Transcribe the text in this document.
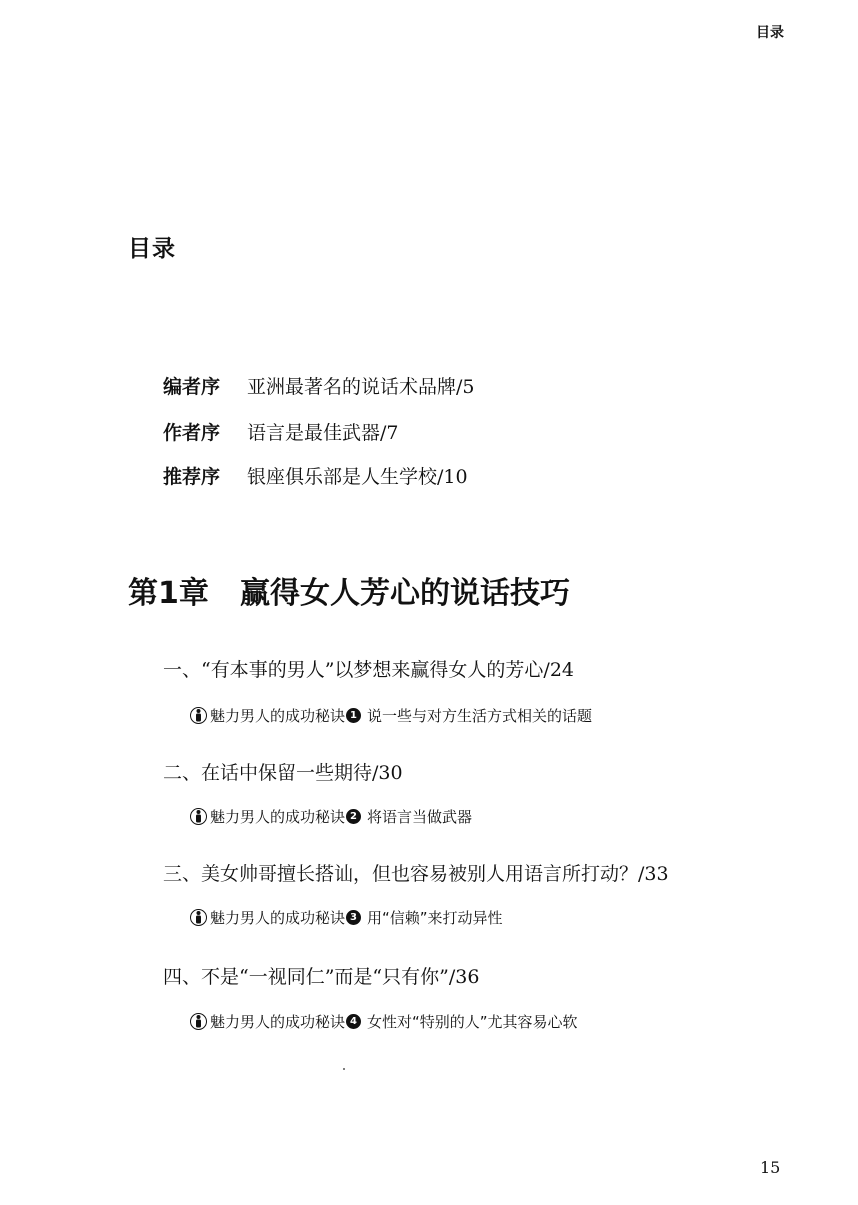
目录
目录
编者序 亚洲最著名的说话术品牌/5
作者序 语言是最佳武器/7
推荐序 银座俱乐部是人生学校/10
第1章 赢得女人芳心的说话技巧
一、“有本事的男人”以梦想来赢得女人的芳心/24
魅力男人的成功秘诀 1 说一些与对方生活方式相关的话题
二、在话中保留一些期待/30
魅力男人的成功秘诀 2 将语言当做武器
三、美女帅哥擅长搭讪，但也容易被别人用语言所打动？/33
魅力男人的成功秘诀 3 用“信赖”来打动异性
四、不是“一视同仁”而是“只有你”/36
魅力男人的成功秘诀 4 女性对“特别的人”尤其容易心软
15
